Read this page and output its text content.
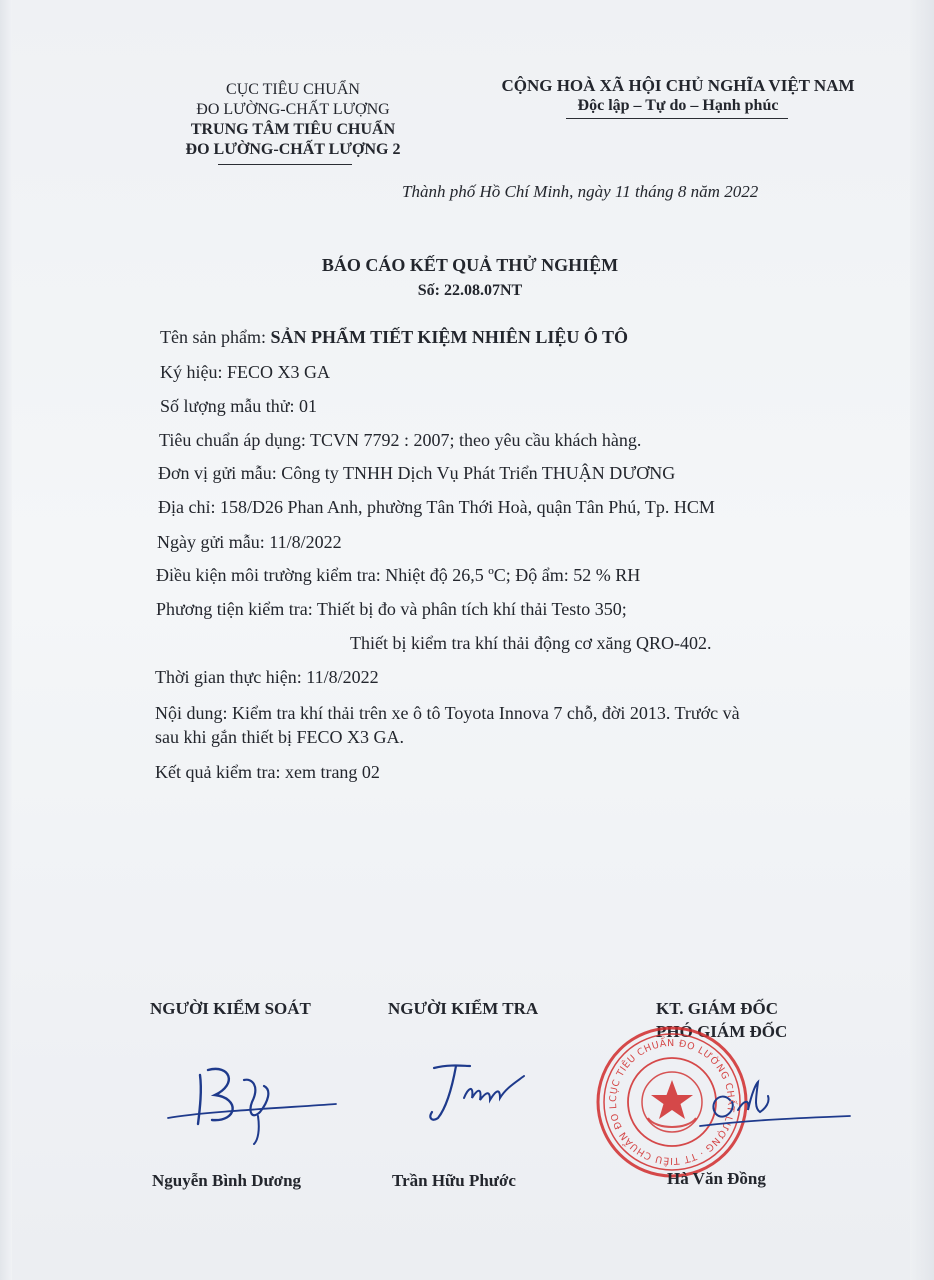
CỤC TIÊU CHUẨN
ĐO LƯỜNG-CHẤT LƯỢNG
TRUNG TÂM TIÊU CHUẨN
ĐO LƯỜNG-CHẤT LƯỢNG 2
CỘNG HOÀ XÃ HỘI CHỦ NGHĨA VIỆT NAM
Độc lập – Tự do – Hạnh phúc
Thành phố Hồ Chí Minh, ngày 11 tháng 8 năm 2022
BÁO CÁO KẾT QUẢ THỬ NGHIỆM
Số: 22.08.07NT
Tên sản phẩm: SẢN PHẨM TIẾT KIỆM NHIÊN LIỆU Ô TÔ
Ký hiệu: FECO X3 GA
Số lượng mẫu thử: 01
Tiêu chuẩn áp dụng: TCVN 7792 : 2007; theo yêu cầu khách hàng.
Đơn vị gửi mẫu: Công ty TNHH Dịch Vụ Phát Triển THUẬN DƯƠNG
Địa chỉ: 158/D26 Phan Anh, phường Tân Thới Hoà, quận Tân Phú, Tp. HCM
Ngày gửi mẫu: 11/8/2022
Điều kiện môi trường kiểm tra: Nhiệt độ 26,5 ºC; Độ ẩm: 52 % RH
Phương tiện kiểm tra: Thiết bị đo và phân tích khí thải Testo 350;
Thiết bị kiểm tra khí thải động cơ xăng QRO-402.
Thời gian thực hiện: 11/8/2022
Nội dung: Kiểm tra khí thải trên xe ô tô Toyota Innova 7 chỗ, đời 2013. Trước và
sau khi gắn thiết bị FECO X3 GA.
Kết quả kiểm tra: xem trang 02
NGƯỜI KIỂM SOÁT	NGƯỜI KIỂM TRA	KT. GIÁM ĐỐC
PHÓ GIÁM ĐỐC
CỤC TIÊU CHUẨN ĐO LƯỜNG CHẤT LƯỢNG · TT TIÊU CHUẨN ĐO LƯỜNG CHẤT LƯỢNG 2
Nguyễn Bình Dương	Trần Hữu Phước	Hà Văn Đồng
